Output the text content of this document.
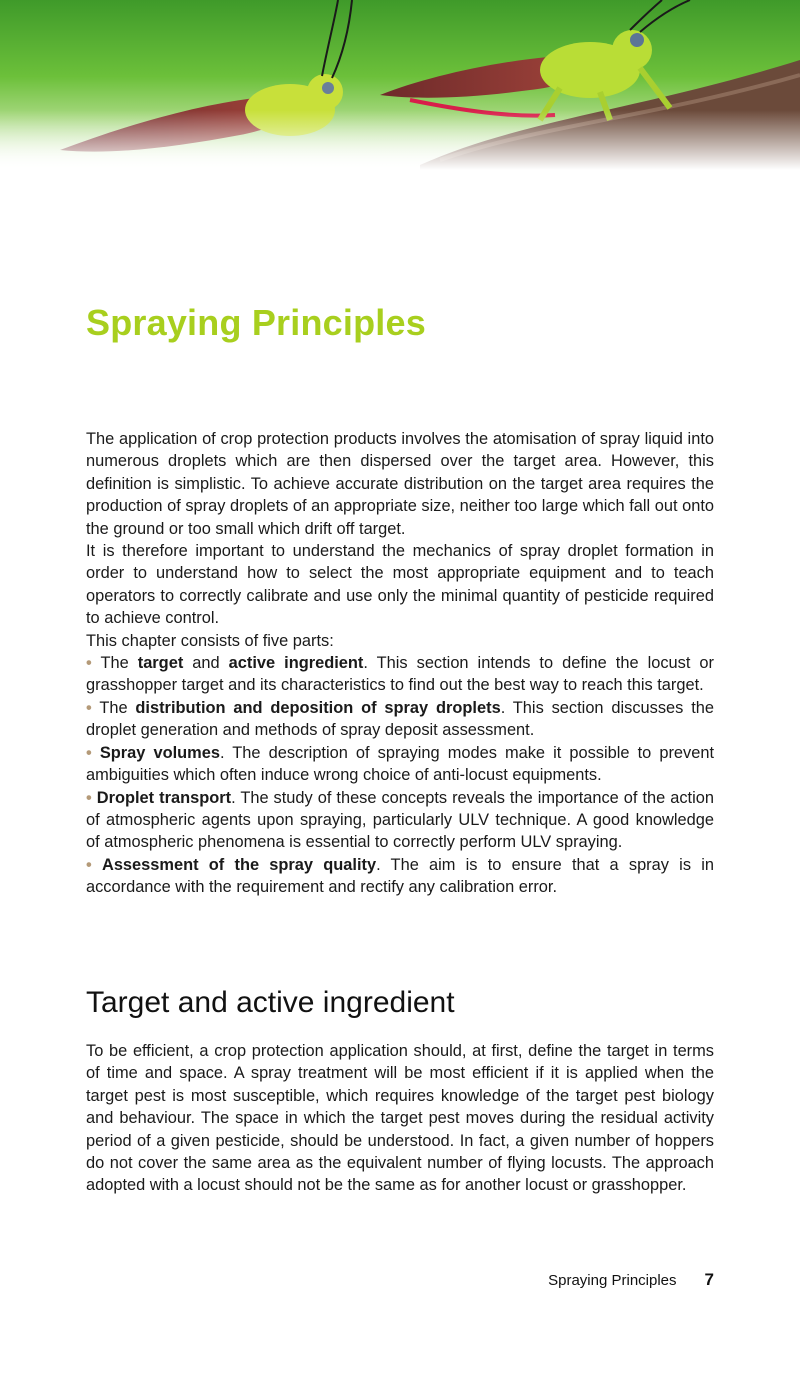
Spraying Principles

The application of crop protection products involves the atomisation of spray liquid into numerous droplets which are then dispersed over the target area. However, this definition is simplistic. To achieve accurate distribution on the target area requires the production of spray droplets of an appropriate size, neither too large which fall out onto the ground or too small which drift off target.

It is therefore important to understand the mechanics of spray droplet formation in order to understand how to select the most appropriate equipment and to teach operators to correctly calibrate and use only the minimal quantity of pesticide required to achieve control.

This chapter consists of five parts:

• The target and active ingredient. This section intends to define the locust or grasshopper target and its characteristics to find out the best way to reach this target.

• The distribution and deposition of spray droplets. This section discusses the droplet generation and methods of spray deposit assessment.

• Spray volumes. The description of spraying modes make it possible to prevent ambiguities which often induce wrong choice of anti-locust equipments.

• Droplet transport. The study of these concepts reveals the importance of the action of atmospheric agents upon spraying, particularly ULV technique. A good knowledge of atmospheric phenomena is essential to correctly perform ULV spraying.

• Assessment of the spray quality. The aim is to ensure that a spray is in accordance with the requirement and rectify any calibration error.

Target and active ingredient

To be efficient, a crop protection application should, at first, define the target in terms of time and space. A spray treatment will be most efficient if it is applied when the target pest is most susceptible, which requires knowledge of the target pest biology and behaviour. The space in which the target pest moves during the residual activity period of a given pesticide, should be understood. In fact, a given number of hoppers do not cover the same area as the equivalent number of flying locusts. The approach adopted with a locust should not be the same as for another locust or grasshopper.

Spraying Principles 7
